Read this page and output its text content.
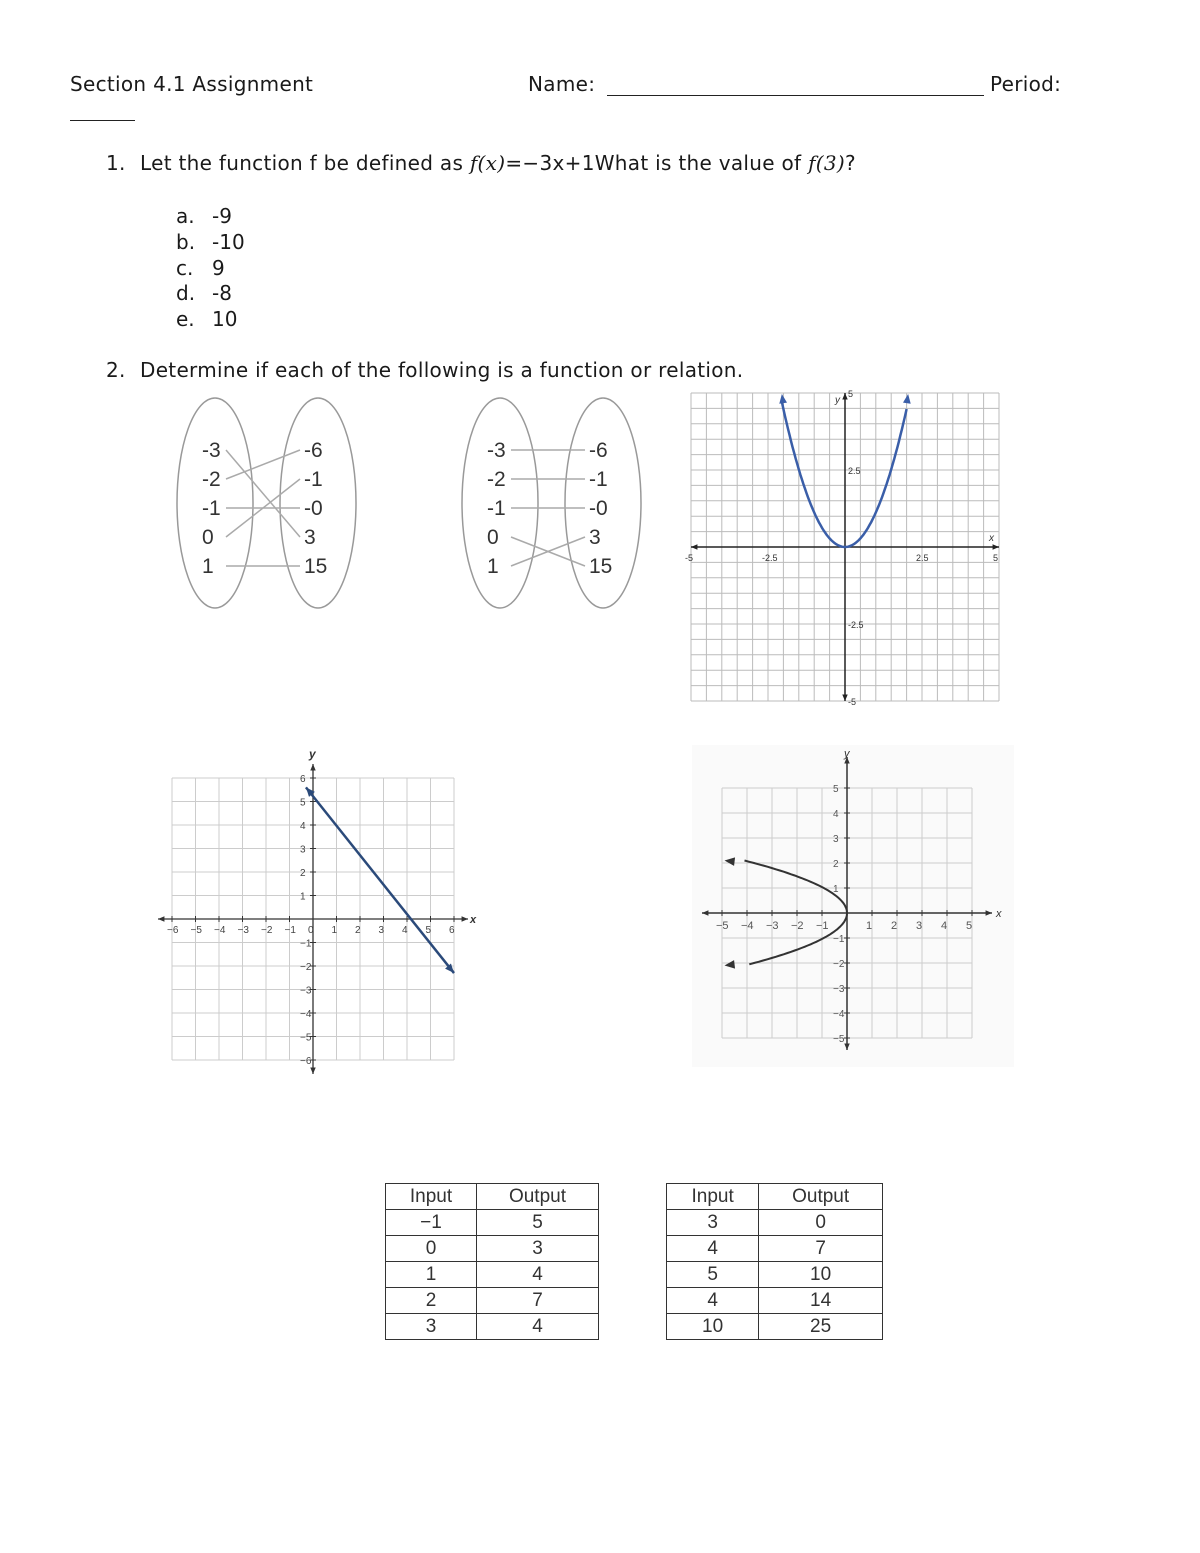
Section 4.1 Assignment	Name:	Period:
1. Let the function f be defined as f(x)=−3x+1What is the value of f(3)?
a. -9
b. -10
c. 9
d. -8
e. 10
2. Determine if each of the following is a function or relation.
-3
-2
-1
0
1
-6
-1
-0
3
15
-3
-2
-1
0
1
-6
-1
-0
3
15	-5	-2.5	2.5	5
5
2.5
-2.5
-5
x
y
−6 −5 −4 −3 −2 −1 0 1 2 3 4 5 6
6
5
4
3
2
1
−1
−2
−3
−4
−5
−6
x
y
−5 −4 −3 −2 −1	1 2 3 4 5
5
4
3
2
1
−1
−2
−3
−4
−5
x
y
Input	Output
−1	5
0	3
1	4
2	7
3	4
Input	Output
3	0
4	7
5	10
4	14
10	25
